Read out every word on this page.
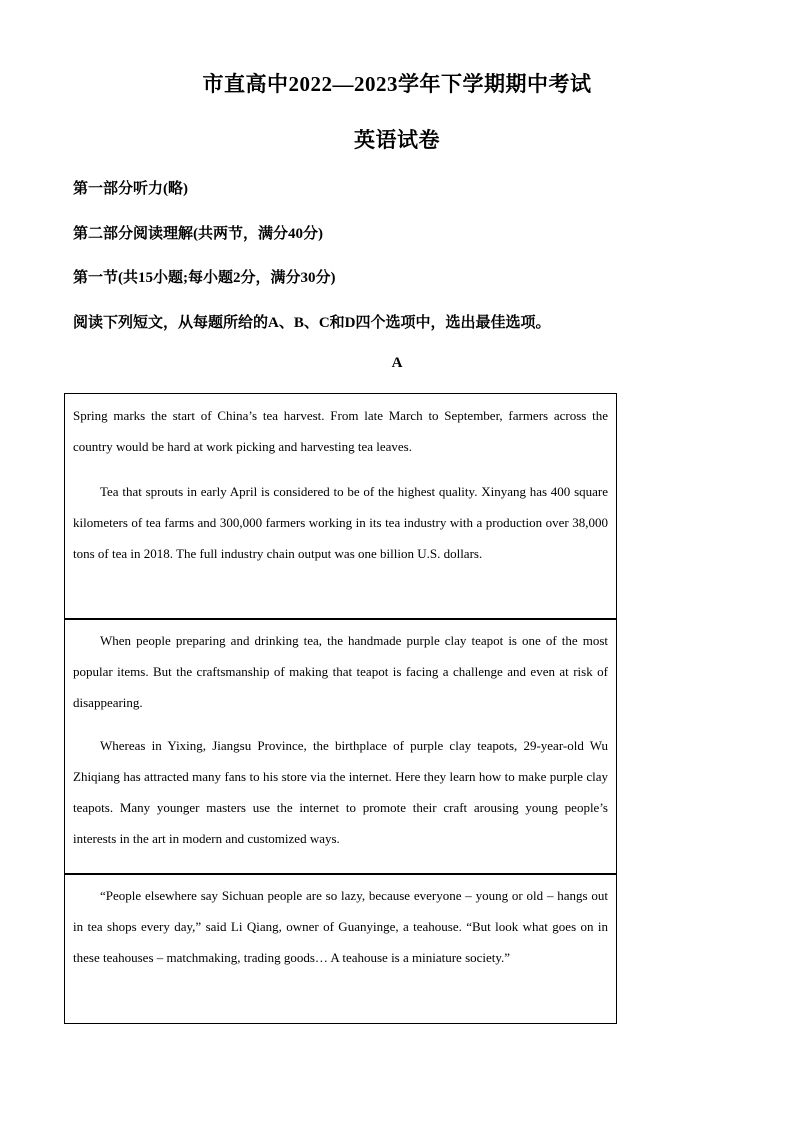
市直高中2022—2023学年下学期期中考试
英语试卷
第一部分听力(略)
第二部分阅读理解(共两节，满分40分)
第一节(共15小题;每小题2分，满分30分)
阅读下列短文，从每题所给的A、B、C和D四个选项中，选出最佳选项。
A

Spring marks the start of China’s tea harvest. From late March to September, farmers across the country would be hard at work picking and harvesting tea leaves.

Tea that sprouts in early April is considered to be of the highest quality. Xinyang has 400 square kilometers of tea farms and 300,000 farmers working in its tea industry with a production over 38,000 tons of tea in 2018. The full industry chain output was one billion U.S. dollars.

When people preparing and drinking tea, the handmade purple clay teapot is one of the most popular items. But the craftsmanship of making that teapot is facing a challenge and even at risk of disappearing.

Whereas in Yixing, Jiangsu Province, the birthplace of purple clay teapots, 29-year-old Wu Zhiqiang has attracted many fans to his store via the internet. Here they learn how to make purple clay teapots. Many younger masters use the internet to promote their craft arousing young people’s interests in the art in modern and customized ways.

“People elsewhere say Sichuan people are so lazy, because everyone – young or old – hangs out in tea shops every day,” said Li Qiang, owner of Guanyinge, a teahouse. “But look what goes on in these teahouses – matchmaking, trading goods… A teahouse is a miniature society.”
